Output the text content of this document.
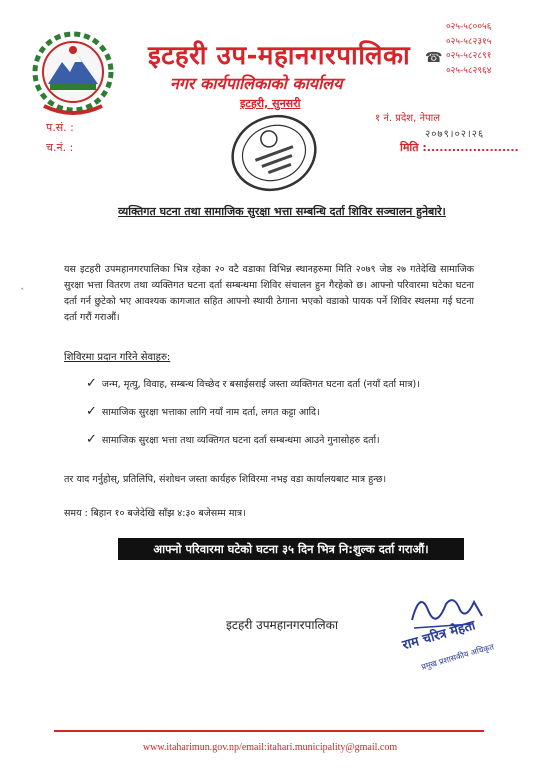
इटहरी उप-महानगरपालिका
नगर कार्यपालिकाको कार्यालय
इटहरी, सुनसरी
☎
०२५-५८००५६
०२५-५८२३१५
०२५-५८२८९१
०२५-५८२९६४
१ नं. प्रदेश, नेपाल
प.सं. :
च.नं. :
२०७९।०२।२६
मिति :......................
व्यक्तिगत घटना तथा सामाजिक सुरक्षा भत्ता सम्बन्धि दर्ता शिविर सञ्चालन हुनेबारे।
ˆ
यस इटहरी उपमहानगरपालिका भित्र रहेका २० वटै वडाका विभिन्न स्थानहरुमा मिति २०७९ जेष्ठ २७ गतेदेखि सामाजिक सुरक्षा भत्ता वितरण तथा व्यक्तिगत घटना दर्ता सम्बन्धमा शिविर संचालन हुन गैरहेको छ। आफ्नो परिवारमा घटेका घटना दर्ता गर्न छुटेको भए आवश्यक कागजात सहित आफ्नो स्थायी ठेगाना भएको वडाको पायक पर्ने शिविर स्थलमा गई घटना दर्ता गरौं गराऔं।
शिविरमा प्रदान गरिने सेवाहरु:
✓ जन्म, मृत्यु, विवाह, सम्बन्ध विच्छेद र बसाईसराई जस्ता व्यक्तिगत घटना दर्ता (नयाँ दर्ता मात्र)।
✓ सामाजिक सुरक्षा भत्ताका लागि नयाँ नाम दर्ता, लगत कट्टा आदि।
✓ सामाजिक सुरक्षा भत्ता तथा व्यक्तिगत घटना दर्ता सम्बन्धमा आउने गुनासोहरु दर्ता।
तर याद गर्नुहोस्, प्रतिलिपि, संशोधन जस्ता कार्यहरु शिविरमा नभइ वडा कार्यालयबाट मात्र हुन्छ।
समय : बिहान १० बजेदेखि साँझ ४:३० बजेसम्म मात्र।
आफ्नो परिवारमा घटेको घटना ३५ दिन भित्र नि:शुल्क दर्ता गराऔं।
इटहरी उपमहानगरपालिका	राम चरित्र मेहता
प्रमुख प्रशासकीय अधिकृत
www.itaharimun.gov.np/email:itahari.municipality@gmail.com
